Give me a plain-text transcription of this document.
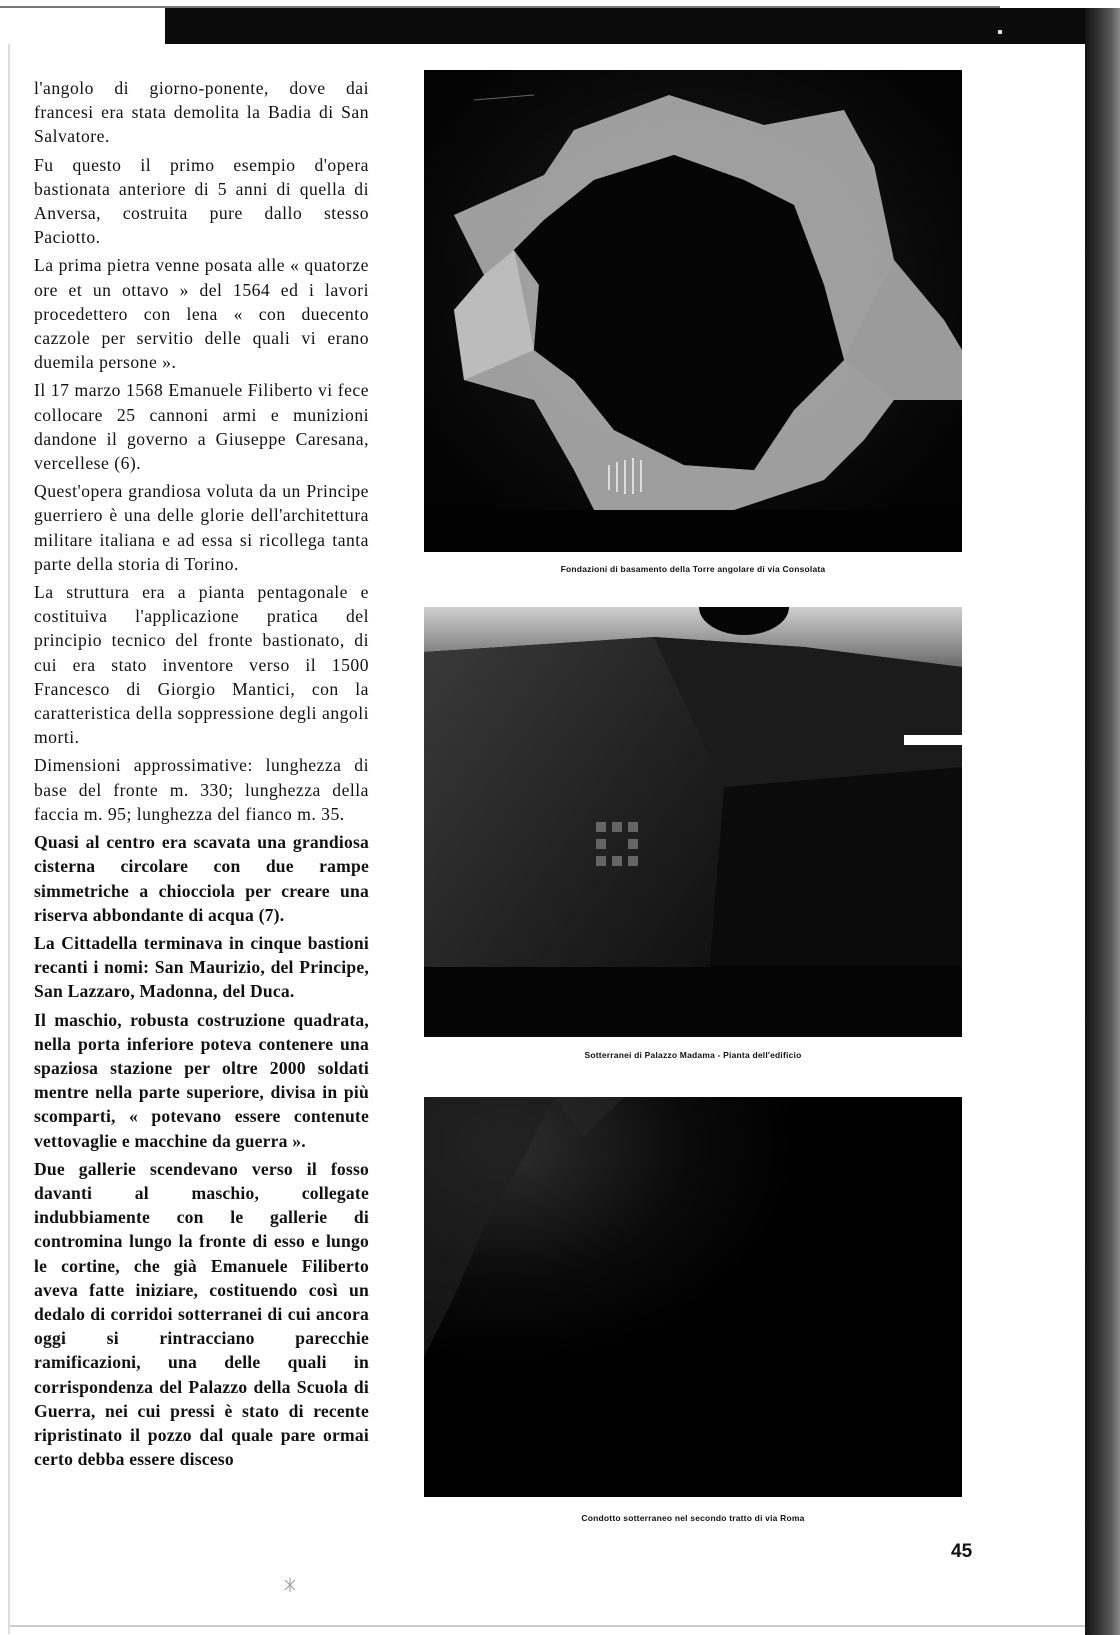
l'angolo di giorno-ponente, dove dai francesi era stata demolita la Badia di San Salvatore.

Fu questo il primo esempio d'opera bastionata anteriore di 5 anni di quella di Anversa, costruita pure dallo stesso Paciotto.

La prima pietra venne posata alle « quatorze ore et un ottavo » del 1564 ed i lavori procedettero con lena « con duecento cazzole per servitio delle quali vi erano duemila persone ».

Il 17 marzo 1568 Emanuele Filiberto vi fece collocare 25 cannoni armi e munizioni dandone il governo a Giuseppe Caresana, vercellese (6).

Quest'opera grandiosa voluta da un Principe guerriero è una delle glorie dell'architettura militare italiana e ad essa si ricollega tanta parte della storia di Torino.

La struttura era a pianta pentagonale e costituiva l'applicazione pratica del principio tecnico del fronte bastionato, di cui era stato inventore verso il 1500 Francesco di Giorgio Mantici, con la caratteristica della soppressione degli angoli morti.

Dimensioni approssimative: lunghezza di base del fronte m. 330; lunghezza della faccia m. 95; lunghezza del fianco m. 35.

Quasi al centro era scavata una grandiosa cisterna circolare con due rampe simmetriche a chiocciola per creare una riserva abbondante di acqua (7).

La Cittadella terminava in cinque bastioni recanti i nomi: San Maurizio, del Principe, San Lazzaro, Madonna, del Duca.

Il maschio, robusta costruzione quadrata, nella porta inferiore poteva contenere una spaziosa stazione per oltre 2000 soldati mentre nella parte superiore, divisa in più scomparti, « potevano essere contenute vettovaglie e macchine da guerra ».

Due gallerie scendevano verso il fosso davanti al maschio, collegate indubbiamente con le gallerie di contromina lungo la fronte di esso e lungo le cortine, che già Emanuele Filiberto aveva fatte iniziare, costituendo così un dedalo di corridoi sotterranei di cui ancora oggi si rintracciano parecchie ramificazioni, una delle quali in corrispondenza del Palazzo della Scuola di Guerra, nei cui pressi è stato di recente ripristinato il pozzo dal quale pare ormai certo debba essere disceso

Fondazioni di basamento della Torre angolare di via Consolata
Sotterranei di Palazzo Madama - Pianta dell'edificio
Condotto sotterraneo nel secondo tratto di via Roma
45
